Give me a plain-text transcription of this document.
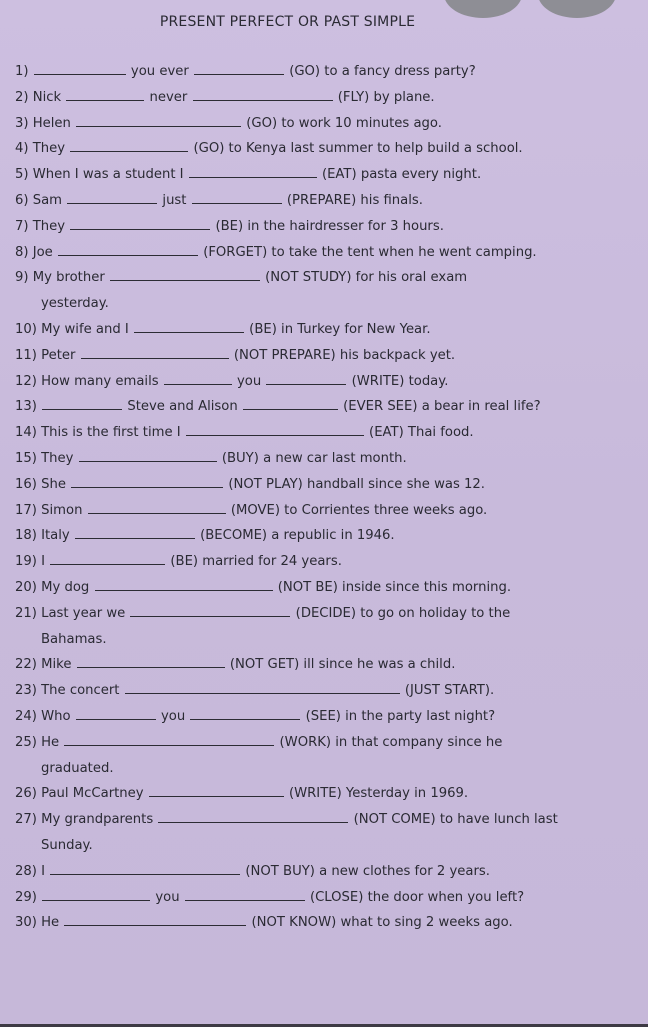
PRESENT PERFECT OR PAST SIMPLE
1)	you ever	(GO) to a fancy dress party?
2) Nick	never	(FLY) by plane.
3) Helen	(GO) to work 10 minutes ago.
4) They	(GO) to Kenya last summer to help build a school.
5) When I was a student I	(EAT) pasta every night.
6) Sam	just	(PREPARE) his finals.
7) They	(BE) in the hairdresser for 3 hours.
8) Joe	(FORGET) to take the tent when he went camping.
9) My brother	(NOT STUDY) for his oral exam
yesterday.
10) My wife and I	(BE) in Turkey for New Year.
11) Peter	(NOT PREPARE) his backpack yet.
12) How many emails	you	(WRITE) today.
13)	Steve and Alison	(EVER SEE) a bear in real life?
14) This is the first time I	(EAT) Thai food.
15) They	(BUY) a new car last month.
16) She	(NOT PLAY) handball since she was 12.
17) Simon	(MOVE) to Corrientes three weeks ago.
18) Italy	(BECOME) a republic in 1946.
19) I	(BE) married for 24 years.
20) My dog	(NOT BE) inside since this morning.
21) Last year we	(DECIDE) to go on holiday to the
Bahamas.
22) Mike	(NOT GET) ill since he was a child.
23) The concert	(JUST START).
24) Who	you	(SEE) in the party last night?
25) He	(WORK) in that company since he
graduated.
26) Paul McCartney	(WRITE) Yesterday in 1969.
27) My grandparents	(NOT COME) to have lunch last
Sunday.
28) I	(NOT BUY) a new clothes for 2 years.
29)	you	(CLOSE) the door when you left?
30) He	(NOT KNOW) what to sing 2 weeks ago.
